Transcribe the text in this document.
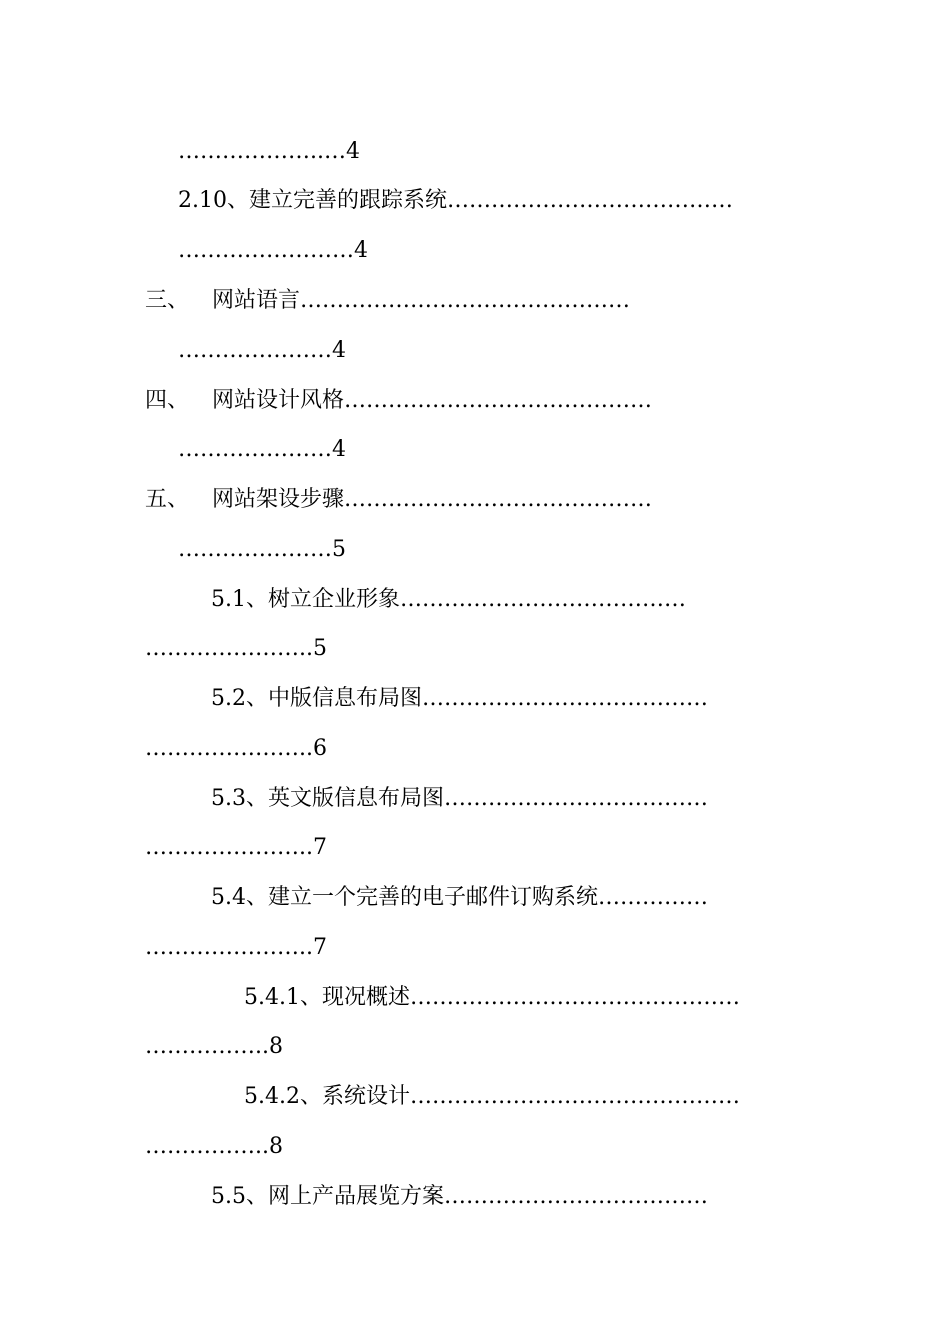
………………..…4
2.10、建立完善的跟踪系统…………………………………
……………………4
三、 网站语言………………………………………
…………………4
四、 网站设计风格……………………………………
…………………4
五、 网站架设步骤……………………………………
…………………5
5.1、树立企业形象…………………………………
…………………..5
5.2、中版信息布局图…………………………………
…………………..6
5.3、英文版信息布局图………………………………
…………………..7
5.4、建立一个完善的电子邮件订购系统……………
…………………..7
5.4.1、现况概述………………………………………
……………..8
5.4.2、系统设计………………………………………
……………..8
5.5、网上产品展览方案………………………………
